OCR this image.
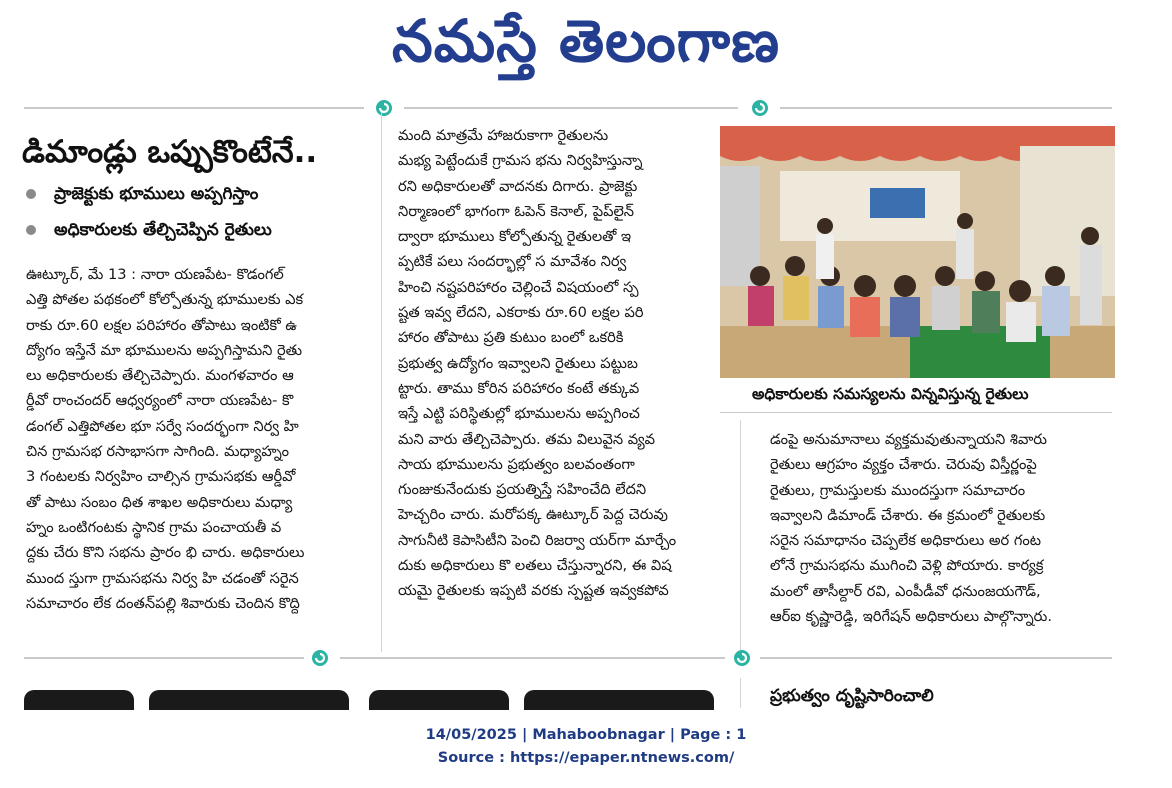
నమస్తే తెలంగాణ
డిమాండ్లు ఒప్పుకొంటేనే..
ప్రాజెక్టుకు భూములు అప్పగిస్తాం
అధికారులకు తేల్చిచెప్పిన రైతులు

ఊట్కూర్, మే 13 : నారా యణపేట- కొడంగల్

ఎత్తి పోతల పథకంలో కోల్పోతున్న భూములకు ఎక

రాకు రూ.60 లక్షల పరిహారం తోపాటు ఇంటికో ఉ

ద్యోగం ఇస్తేనే మా భూములను అప్పగిస్తామని రైతు

లు అధికారులకు తేల్చిచెప్పారు. మంగళవారం ఆ

ర్డీవో రాంచందర్ ఆధ్వర్యంలో నారా యణపేట- కొ

డంగల్ ఎత్తిపోతల భూ సర్వే సందర్భంగా నిర్వ హి

చిన గ్రామసభ రసాభాసగా సాగింది. మధ్యాహ్నం

3 గంటలకు నిర్వహిం చాల్సిన గ్రామసభకు ఆర్డీవో

తో పాటు సంబం ధిత శాఖల అధికారులు మధ్యా

హ్నం ఒంటిగంటకు స్థానిక గ్రామ పంచాయతీ వ

ద్దకు చేరు కొని సభను ప్రారం భి చారు. అధికారులు

ముంద స్తుగా గ్రామసభను నిర్వ హి చడంతో సరైన

సమాచారం లేక దంతన్‌పల్లి శివారుకు చెందిన కొద్ది

మంది మాత్రమే హాజరుకాగా రైతులను

మభ్య పెట్టేందుకే గ్రామస భను నిర్వహిస్తున్నా

రని అధికారులతో వాదనకు దిగారు. ప్రాజెక్టు

నిర్మాణంలో భాగంగా ఓపెన్ కెనాల్, పైప్‌లైన్

ద్వారా భూములు కోల్పోతున్న రైతులతో ఇ

ప్పటికే పలు సందర్భాల్లో స మావేశం నిర్వ

హించి నష్టపరిహారం చెల్లించే విషయంలో స్ప

ష్టత ఇవ్వ లేదని, ఎకరాకు రూ.60 లక్షల పరి

హారం తోపాటు ప్రతి కుటుం బంలో ఒకరికి

ప్రభుత్వ ఉద్యోగం ఇవ్వాలని రైతులు పట్టుబ

ట్టారు. తాము కోరిన పరిహారం కంటే తక్కువ

ఇస్తే ఎట్టి పరిస్థితుల్లో భూములను అప్పగించ

మని వారు తేల్చిచెప్పారు. తమ విలువైన వ్యవ

సాయ భూములను ప్రభుత్వం బలవంతంగా

గుంజుకునేందుకు ప్రయత్నిస్తే సహించేది లేదని

హెచ్చరిం చారు. మరోపక్క ఊట్కూర్ పెద్ద చెరువు

సాగునీటి కెపాసిటీని పెంచి రిజర్వా యర్‌గా మార్చేం

దుకు అధికారులు కొ లతలు చేస్తున్నారని, ఈ విష

యమై రైతులకు ఇప్పటి వరకు స్పష్టత ఇవ్వకపోవ

అధికారులకు సమస్యలను విన్నవిస్తున్న రైతులు

డంపై అనుమానాలు వ్యక్తమవుతున్నాయని శివారు

రైతులు ఆగ్రహం వ్యక్తం చేశారు. చెరువు విస్తీర్ణంపై

రైతులు, గ్రామస్తులకు ముందస్తుగా సమాచారం

ఇవ్వాలని డిమాండ్ చేశారు. ఈ క్రమంలో రైతులకు

సరైన సమాధానం చెప్పలేక అధికారులు అర గంట

లోనే గ్రామసభను ముగించి వెళ్లి పోయారు. కార్యక్ర

మంలో తాసీల్దార్ రవి, ఎంపీడీవో ధనుంజయగౌడ్,

ఆర్ఐ కృష్ణారెడ్డి, ఇరిగేషన్ అధికారులు పాల్గొన్నారు.

ప్రభుత్వం దృష్టిసారించాలి
14/05/2025 | Mahaboobnagar | Page : 1
Source : https://epaper.ntnews.com/
